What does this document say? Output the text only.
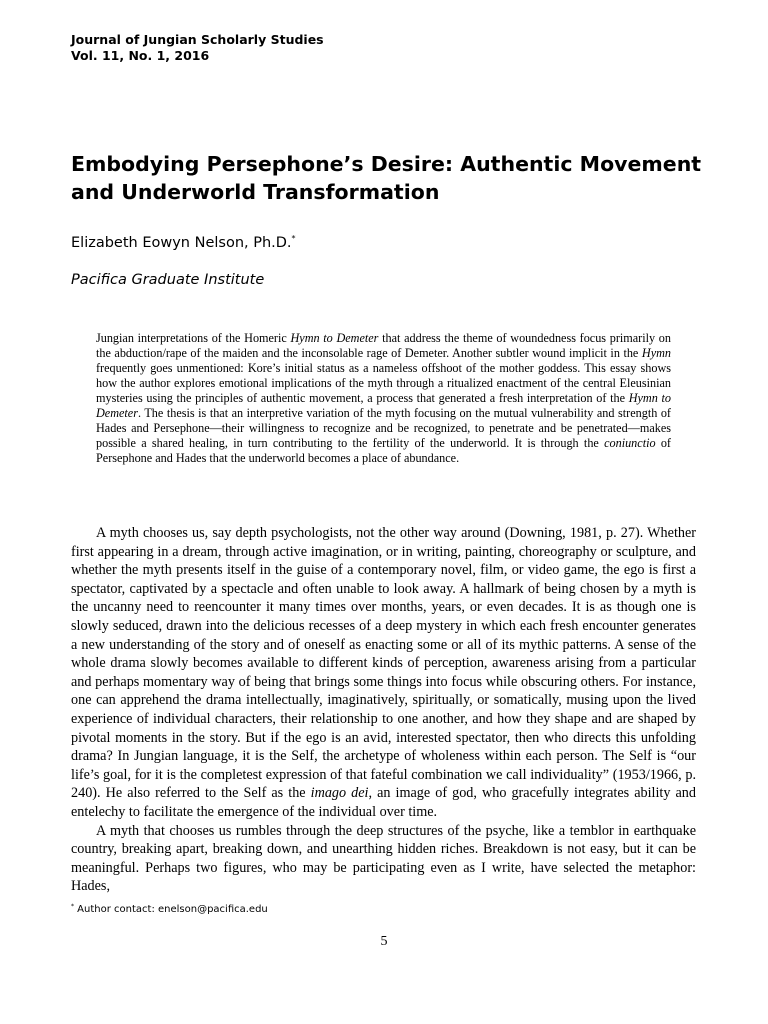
Journal of Jungian Scholarly Studies
Vol. 11, No. 1, 2016
Embodying Persephone’s Desire: Authentic Movement and Underworld Transformation
Elizabeth Eowyn Nelson, Ph.D.*
Pacifica Graduate Institute

Jungian interpretations of the Homeric Hymn to Demeter that address the theme of woundedness focus primarily on the abduction/rape of the maiden and the inconsolable rage of Demeter. Another subtler wound implicit in the Hymn frequently goes unmentioned: Kore’s initial status as a nameless offshoot of the mother goddess. This essay shows how the author explores emotional implications of the myth through a ritualized enactment of the central Eleusinian mysteries using the principles of authentic movement, a process that generated a fresh interpretation of the Hymn to Demeter. The thesis is that an interpretive variation of the myth focusing on the mutual vulnerability and strength of Hades and Persephone—their willingness to recognize and be recognized, to penetrate and be penetrated—makes possible a shared healing, in turn contributing to the fertility of the underworld. It is through the coniunctio of Persephone and Hades that the underworld becomes a place of abundance.

A myth chooses us, say depth psychologists, not the other way around (Downing, 1981, p. 27). Whether first appearing in a dream, through active imagination, or in writing, painting, choreography or sculpture, and whether the myth presents itself in the guise of a contemporary novel, film, or video game, the ego is first a spectator, captivated by a spectacle and often unable to look away. A hallmark of being chosen by a myth is the uncanny need to reencounter it many times over months, years, or even decades. It is as though one is slowly seduced, drawn into the delicious recesses of a deep mystery in which each fresh encounter generates a new understanding of the story and of oneself as enacting some or all of its mythic patterns. A sense of the whole drama slowly becomes available to different kinds of perception, awareness arising from a particular and perhaps momentary way of being that brings some things into focus while obscuring others. For instance, one can apprehend the drama intellectually, imaginatively, spiritually, or somatically, musing upon the lived experience of individual characters, their relationship to one another, and how they shape and are shaped by pivotal moments in the story. But if the ego is an avid, interested spectator, then who directs this unfolding drama? In Jungian language, it is the Self, the archetype of wholeness within each person. The Self is “our life’s goal, for it is the completest expression of that fateful combination we call individuality” (1953/1966, p. 240). He also referred to the Self as the imago dei, an image of god, who gracefully integrates ability and entelechy to facilitate the emergence of the individual over time.

A myth that chooses us rumbles through the deep structures of the psyche, like a temblor in earthquake country, breaking apart, breaking down, and unearthing hidden riches. Breakdown is not easy, but it can be meaningful. Perhaps two figures, who may be participating even as I write, have selected the metaphor: Hades,

* Author contact: enelson@pacifica.edu
5
